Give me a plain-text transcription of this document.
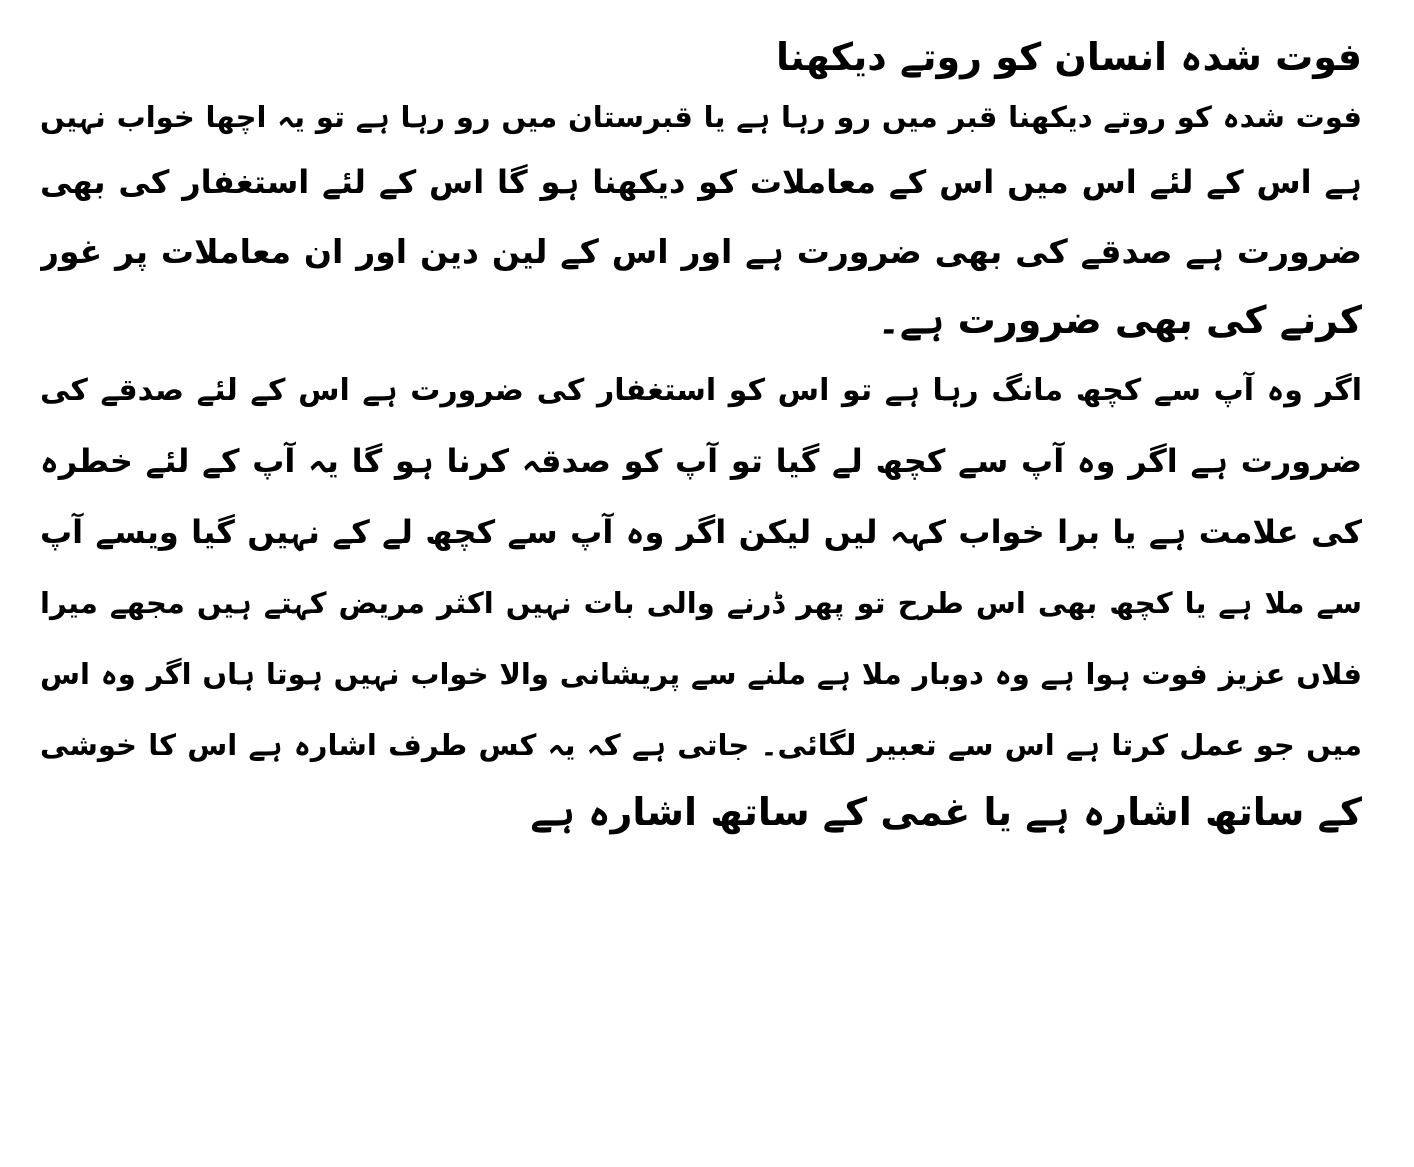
فوت شدہ انسان کو روتے دیکھنا

فوت شدہ کو روتے دیکھنا قبر میں رو رہا ہے یا قبرستان میں رو رہا ہے تو یہ اچھا خواب نہیں
ہے اس کے لئے اس میں اس کے معاملات کو دیکھنا ہو گا اس کے لئے استغفار کی بھی
ضرورت ہے صدقے کی بھی ضرورت ہے اور اس کے لین دین اور ان معاملات پر غور
کرنے کی بھی ضرورت ہے۔

اگر وہ آپ سے کچھ مانگ رہا ہے تو اس کو استغفار کی ضرورت ہے اس کے لئے صدقے کی
ضرورت ہے اگر وہ آپ سے کچھ لے گیا تو آپ کو صدقہ کرنا ہو گا یہ آپ کے لئے خطرہ
کی علامت ہے یا برا خواب کہہ لیں لیکن اگر وہ آپ سے کچھ لے کے نہیں گیا ویسے آپ
سے ملا ہے یا کچھ بھی اس طرح تو پھر ڈرنے والی بات نہیں اکثر مریض کہتے ہیں مجھے میرا
فلاں عزیز فوت ہوا ہے وہ دوبار ملا ہے ملنے سے پریشانی والا خواب نہیں ہوتا ہاں اگر وہ اس
میں جو عمل کرتا ہے اس سے تعبیر لگائی۔ جاتی ہے کہ یہ کس طرف اشارہ ہے اس کا خوشی
کے ساتھ اشارہ ہے یا غمی کے ساتھ اشارہ ہے
